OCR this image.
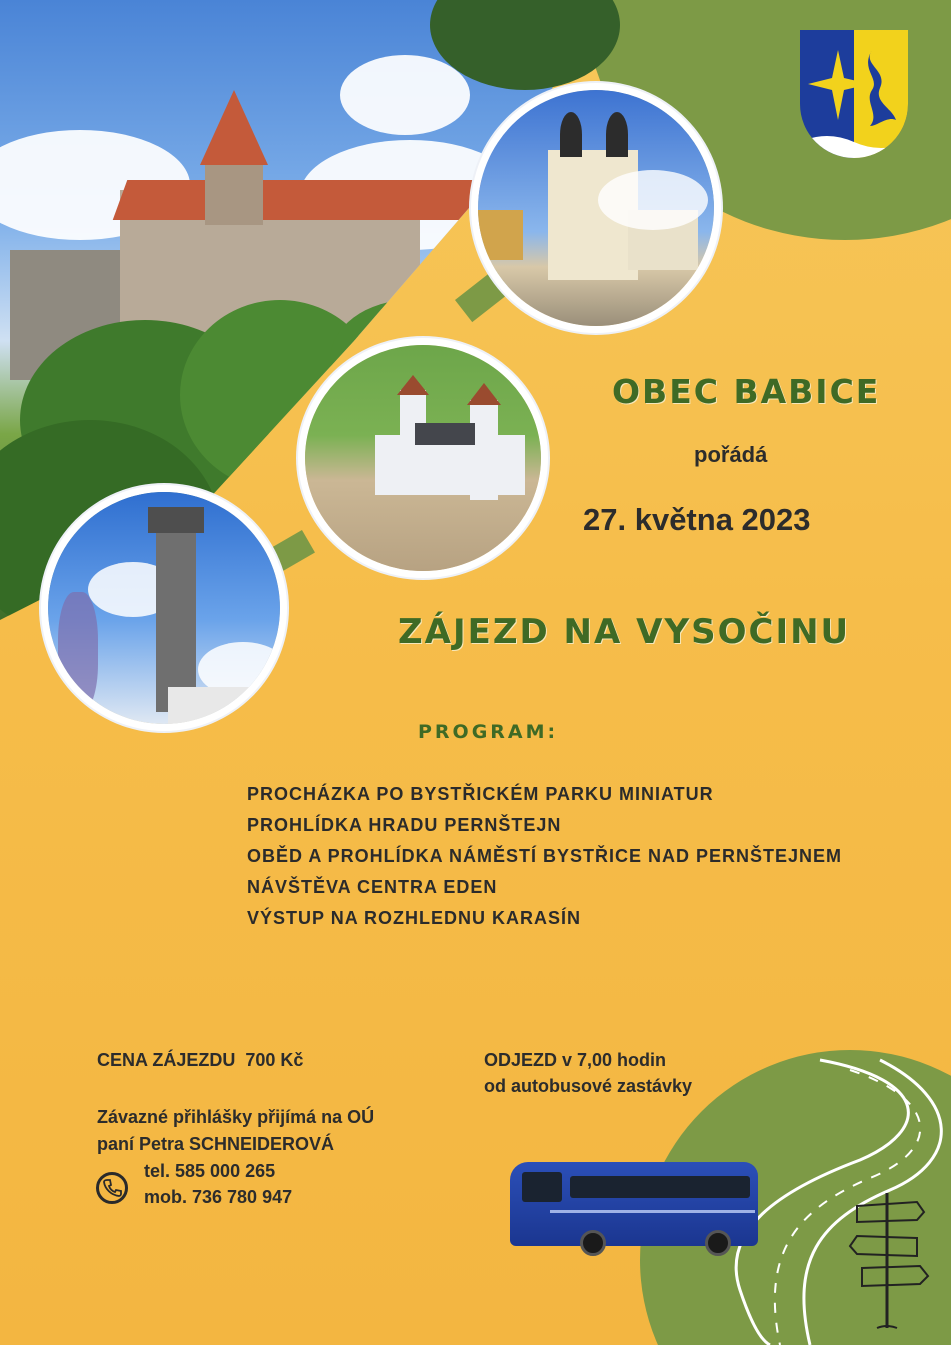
OBEC BABICE
pořádá
27. května 2023
ZÁJEZD NA VYSOČINU
PROGRAM:
PROCHÁZKA PO BYSTŘICKÉM PARKU MINIATUR
PROHLÍDKA HRADU PERNŠTEJN
OBĚD A PROHLÍDKA NÁMĚSTÍ BYSTŘICE NAD PERNŠTEJNEM
NÁVŠTĚVA CENTRA EDEN
VÝSTUP NA ROZHLEDNU KARASÍN
CENA ZÁJEZDU  700 Kč	ODJEZD v 7,00 hodin
od autobusové zastávky
Závazné přihlášky přijímá na OÚ
paní Petra SCHNEIDEROVÁ
tel. 585 000 265
mob. 736 780 947
